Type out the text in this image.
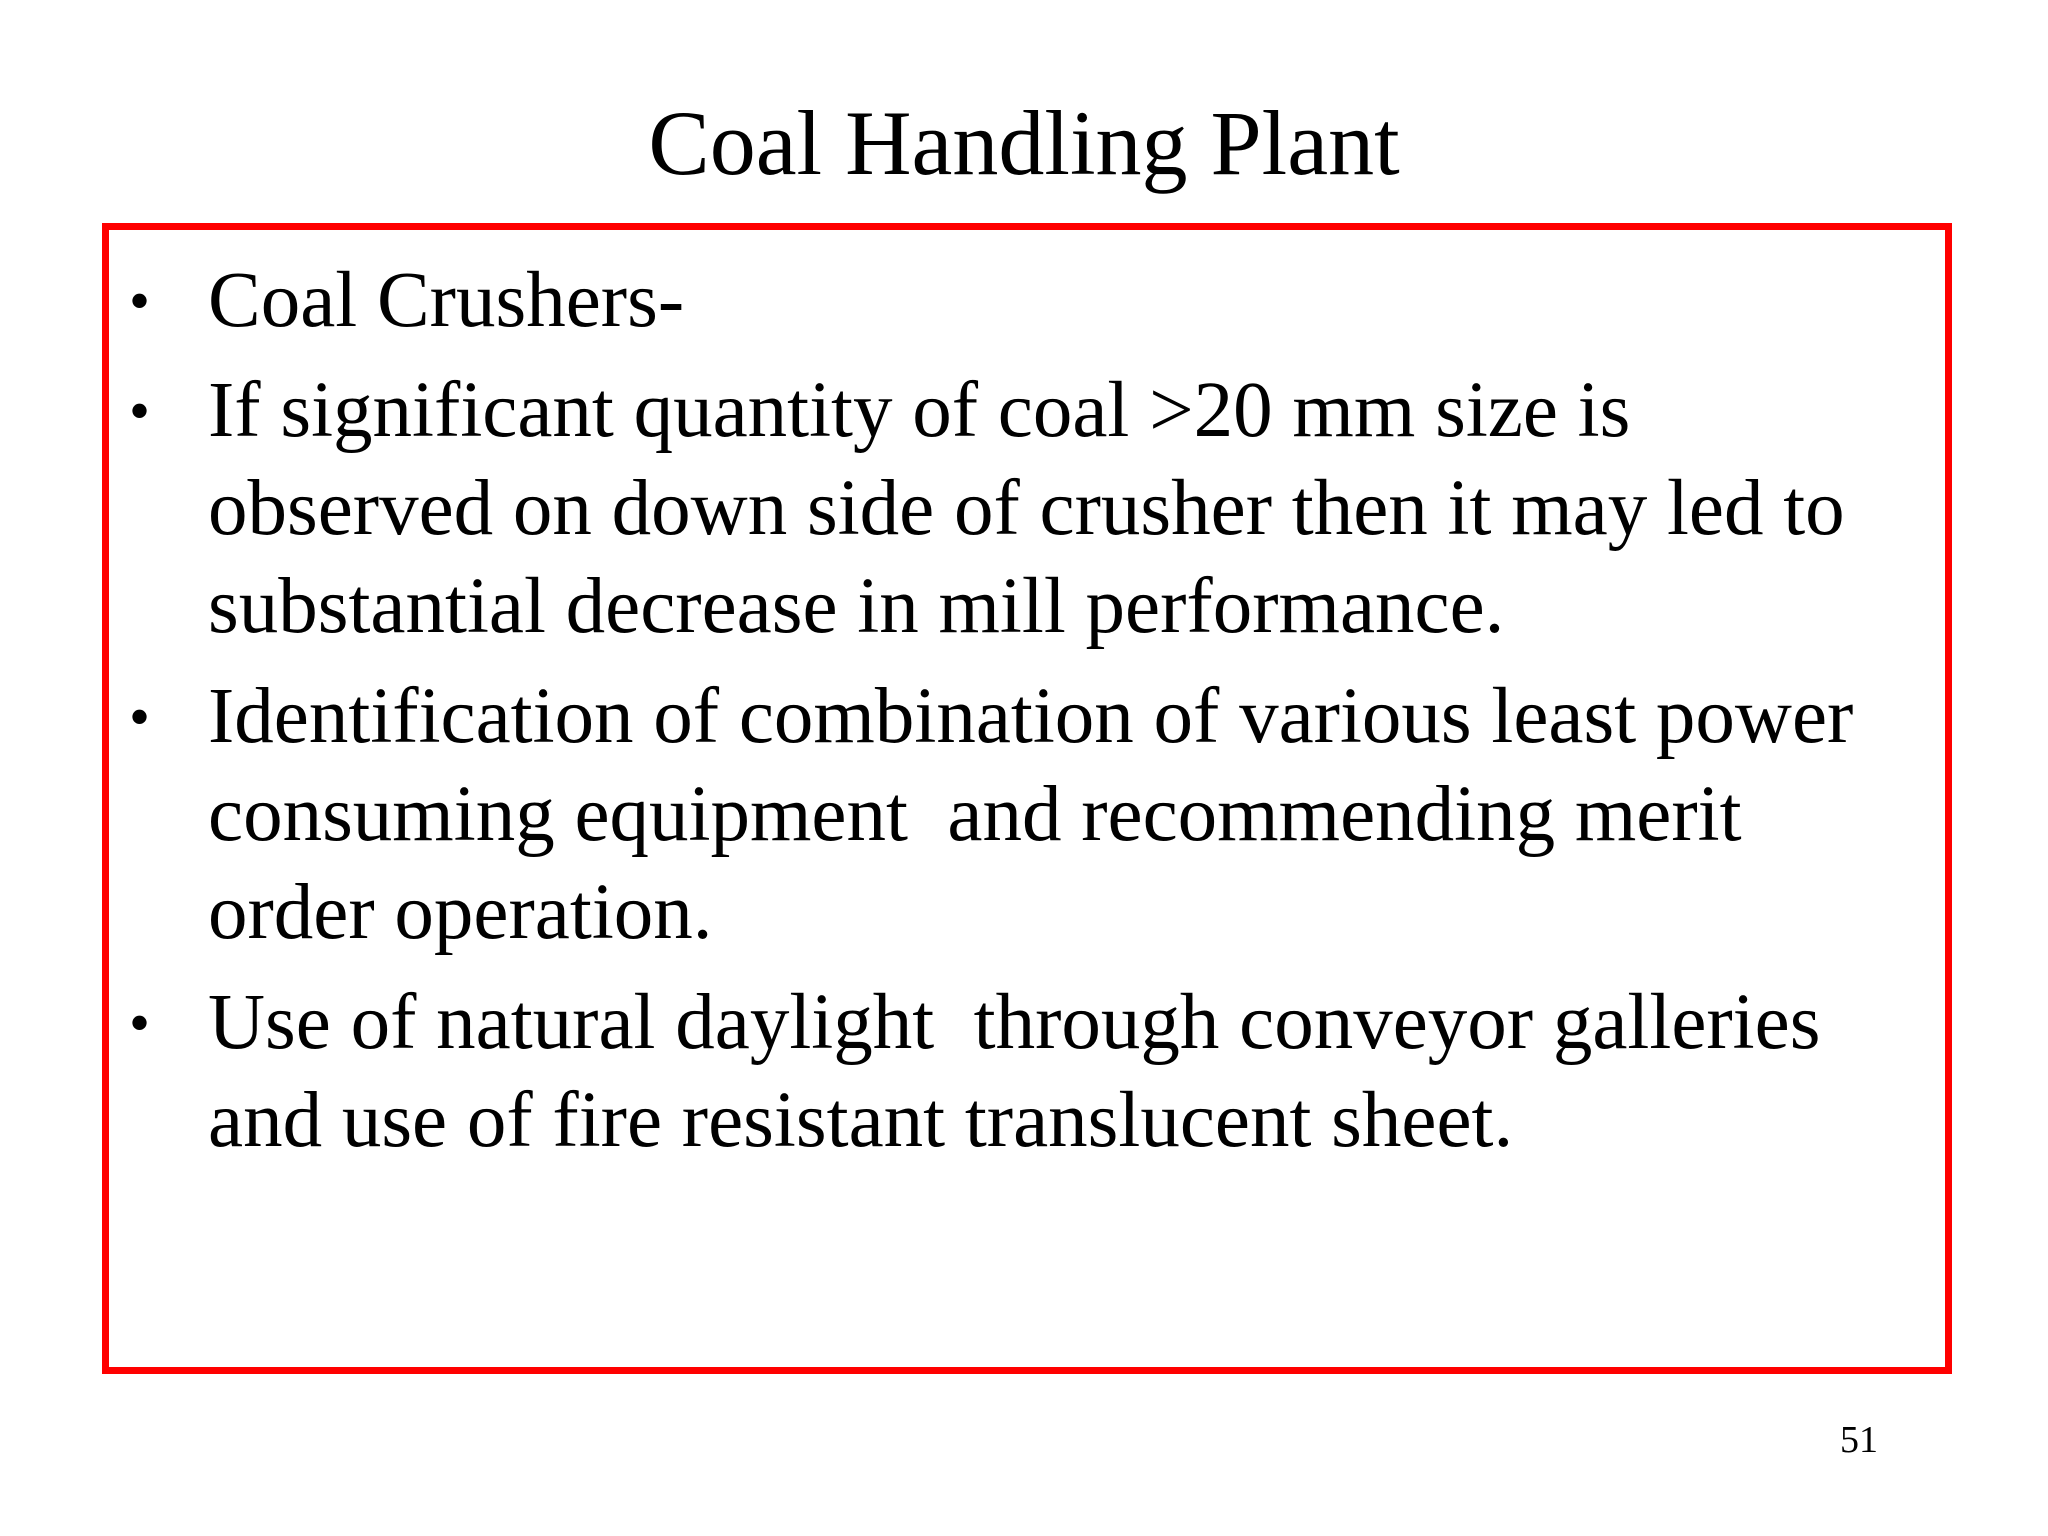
Coal Handling Plant
• Coal Crushers-
• If significant quantity of coal >20 mm size is observed on down side of crusher then it may led to substantial decrease in mill performance.
• Identification of combination of various least power consuming equipment  and recommending merit order operation.
• Use of natural daylight  through conveyor galleries and use of fire resistant translucent sheet.
51
